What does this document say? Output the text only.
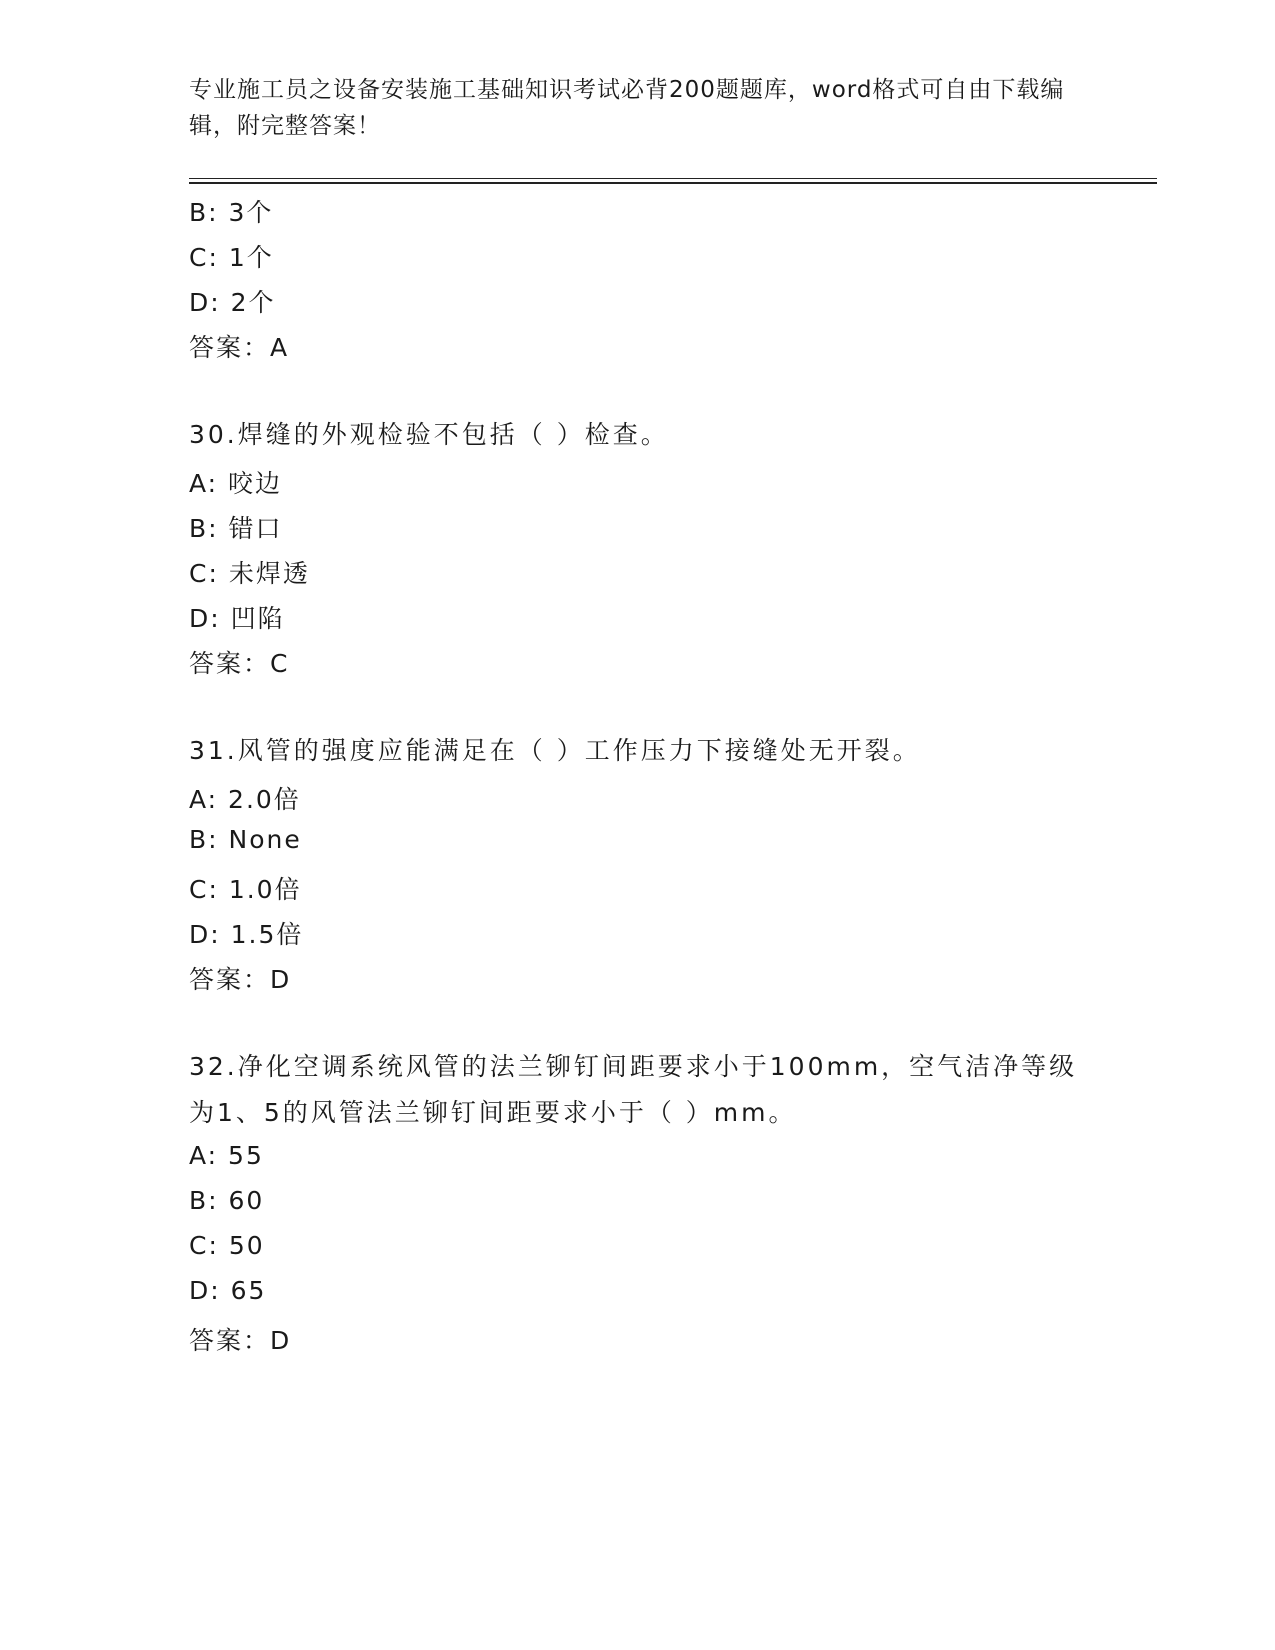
专业施工员之设备安装施工基础知识考试必背200题题库，word格式可自由下载编辑，附完整答案！
B: 3个
C: 1个
D: 2个
答案：A
30.焊缝的外观检验不包括（ ）检查。
A: 咬边
B: 错口
C: 未焊透
D: 凹陷
答案：C
31.风管的强度应能满足在（ ）工作压力下接缝处无开裂。
A: 2.0倍
B: None
C: 1.0倍
D: 1.5倍
答案：D
32.净化空调系统风管的法兰铆钉间距要求小于100mm，空气洁净等级为1、5的风管法兰铆钉间距要求小于（ ）mm。
A: 55
B: 60
C: 50
D: 65
答案：D
